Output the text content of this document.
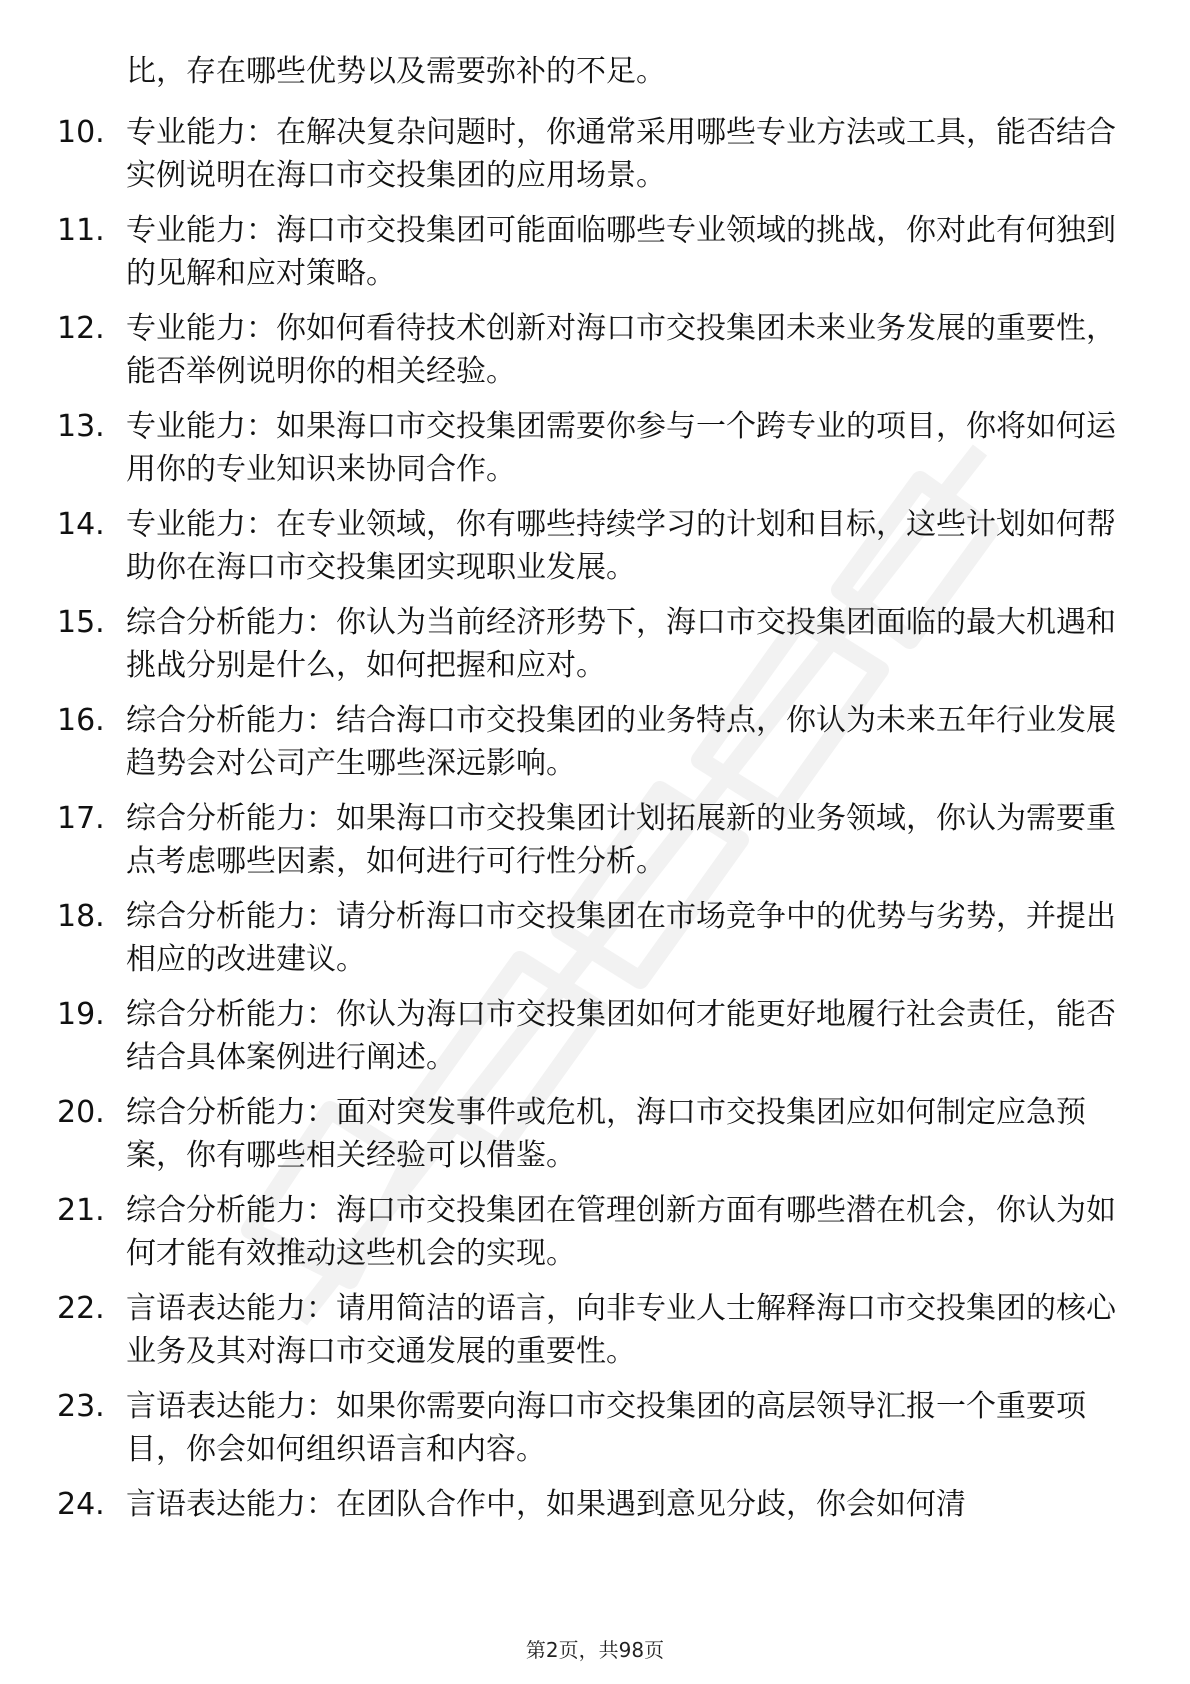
比，存在哪些优势以及需要弥补的不足。
10. 专业能力：在解决复杂问题时，你通常采用哪些专业方法或工具，能否结合实例说明在海口市交投集团的应用场景。
11. 专业能力：海口市交投集团可能面临哪些专业领域的挑战，你对此有何独到的见解和应对策略。
12. 专业能力：你如何看待技术创新对海口市交投集团未来业务发展的重要性，能否举例说明你的相关经验。
13. 专业能力：如果海口市交投集团需要你参与一个跨专业的项目，你将如何运用你的专业知识来协同合作。
14. 专业能力：在专业领域，你有哪些持续学习的计划和目标，这些计划如何帮助你在海口市交投集团实现职业发展。
15. 综合分析能力：你认为当前经济形势下，海口市交投集团面临的最大机遇和挑战分别是什么，如何把握和应对。
16. 综合分析能力：结合海口市交投集团的业务特点，你认为未来五年行业发展趋势会对公司产生哪些深远影响。
17. 综合分析能力：如果海口市交投集团计划拓展新的业务领域，你认为需要重点考虑哪些因素，如何进行可行性分析。
18. 综合分析能力：请分析海口市交投集团在市场竞争中的优势与劣势，并提出相应的改进建议。
19. 综合分析能力：你认为海口市交投集团如何才能更好地履行社会责任，能否结合具体案例进行阐述。
20. 综合分析能力：面对突发事件或危机，海口市交投集团应如何制定应急预案，你有哪些相关经验可以借鉴。
21. 综合分析能力：海口市交投集团在管理创新方面有哪些潜在机会，你认为如何才能有效推动这些机会的实现。
22. 言语表达能力：请用简洁的语言，向非专业人士解释海口市交投集团的核心业务及其对海口市交通发展的重要性。
23. 言语表达能力：如果你需要向海口市交投集团的高层领导汇报一个重要项目，你会如何组织语言和内容。
24. 言语表达能力：在团队合作中，如果遇到意见分歧，你会如何清
第2页，共98页
